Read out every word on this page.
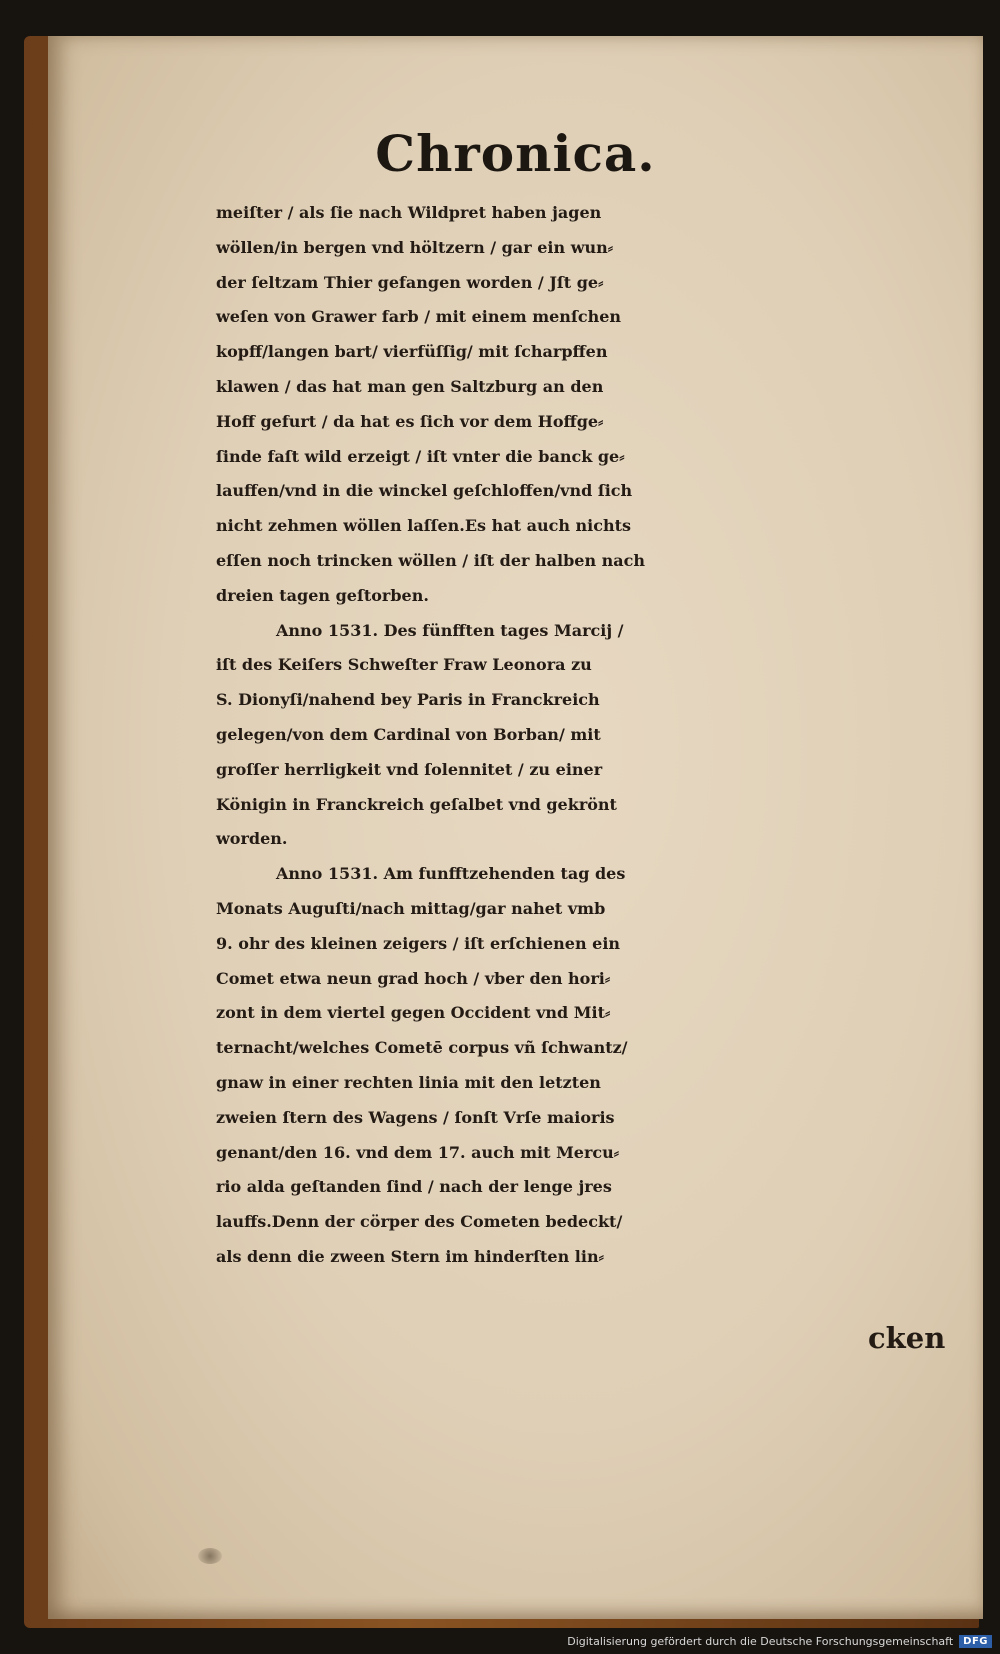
Chronica.
meiſter / als ſie nach Wildpret haben jagen
wöllen/in bergen vnd höltzern / gar ein wun⸗
der ſeltzam Thier gefangen worden / Jſt ge⸗
weſen von Grawer farb / mit einem menſchen
kopff/langen bart/ vierfüſſig/ mit ſcharpffen
klawen / das hat man gen Saltzburg an den
Hoff gefurt / da hat es ſich vor dem Hoffge⸗
ſinde faſt wild erzeigt / iſt vnter die banck ge⸗
lauffen/vnd in die winckel geſchloffen/vnd ſich
nicht zehmen wöllen laſſen.Es hat auch nichts
eſſen noch trincken wöllen / iſt der halben nach
dreien tagen geſtorben.
Anno 1531. Des fünfften tages Marcij /
iſt des Keiſers Schweſter Fraw Leonora zu
S. Dionyſi/nahend bey Paris in Franckreich
gelegen/von dem Cardinal von Borban/ mit
groſſer herrligkeit vnd ſolennitet / zu einer
Königin in Franckreich geſalbet vnd gekrönt
worden.
Anno 1531. Am funfftzehenden tag des
Monats Auguſti/nach mittag/gar nahet vmb
9. ohr des kleinen zeigers / iſt erſchienen ein
Comet etwa neun grad hoch / vber den hori⸗
zont in dem viertel gegen Occident vnd Mit⸗
ternacht/welches Cometē corpus vñ ſchwantz/
gnaw in einer rechten linia mit den letzten
zweien ſtern des Wagens / ſonſt Vrſe maioris
genant/den 16. vnd dem 17. auch mit Mercu⸗
rio alda geſtanden ſind / nach der lenge jres
lauffs.Denn der cörper des Cometen bedeckt/
als denn die zween Stern im hinderſten lin⸗
cken
Digitalisierung gefördert durch die Deutsche Forschungsgemeinschaft	DFG
